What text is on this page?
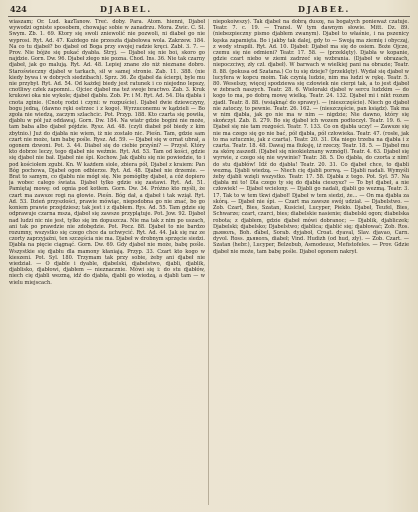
424	DJABEL.	DJABEŁ.

wiaszam; Or. Lud. kazTanow. Treć. doby. Para. Atom. hienni, Djabeł wywodzi ogniste sposobem, chowając sobie w zanadrzu. Mora. Zwic. C. Sl. Swym. Zb. 1. 69. Ktory się swoli zniewolić nie pozwoli, ni diabeł go nie wyprosi. Ryt. Ad. 47. Każdego nie przeszła djabełowa wola. Zakrzew. 184. Na co tu djabeł? bo djabeł od Boga przy swojej radzie kręci. Zabł. 3. 7. — Prov. Nie bójże się pukać dyabła. Stryj. — Djabeł się nie boi, skoro go najdzie. Gorn. Dw. 96. Djabeł złego nie pozna. Chod. Ins. 36. Nie tak czarny djabeł, jak go malują. Ryt. Ad. 48. Lepiej znane zło niż nieznane dobro. Staroświeczny djabeł w tarkach, sił w samej stronie. Zab. 11. 388. (nie kiedy bywa i w dobrych siedzibach). Sprz. 36. Że djabeł da ścierpi, byle mu nie przybył. Ryt. Ad. 54. Od każdej biedy jest ratunek i co niejedno lepszy, cnotliwy człek zapomni... Ojciec djabeł ma też swoje bractwo. Zab. 3. Kruk krukowi oka nie wykole; djabeł djabłu. Zob. Pr. i M. Ryt. Ad. 54. Dla djabła i cnota zginie. (Cnotę rodzi i czyni: w rozpuście). Djabeł dwie dziewczyny, bogu jedną, (dawno ręki ostrzec i z kogo). Wyrzuconemu w kądzieli — Bo zgoła nie wiedzą, zaczym szlachcic. Pot. Przyp. 188. Kto czarta się powiła, djabłu w pół już oddawaj. Gorn. Dw. 184. Na wiatr gdzie bogini nie może, tam baba albo djabeł pójdzie. Rysz. Ad. 48. (czyli diabeł pół biedy z kim zbytnio.) Już do djabła nie wiem, iż nie zostało nic. Pieśn. Tam, gdzie sam czart nie może, tam babę pośle. Rysz. Ad. 59. — Djabeł się w ornat ubrał, a ogonem dzwoni. Pot. 3. 44. Diabeł się do ciebie przyśni? — Przysł. Który kto dobrze leczy, tego djabeł nie weźmie. Ryt. Ad. 53. Tam od kości, gdzie się djabeł nie bał. Djabeł nie śpi. Kochow. Jak djabłu się nie powiedzie, to i pod kościołem zgubi. Kn. W każdem siole, zbiera pół, Djabeł z kraiem: Pan Bóg pochowa, Djabeł ogon odbierze. Ryt. Ad. 48. Djabeł nie drzemie. — Brat to samym, co djabłu nie mógł się. Nie pomógłby djabeł, a cóż dopiero ja wobec całego świata. Djabeł tylko gdzie się zastawi. Ryt. Ad. 51. Pamiętaj mowę: od ognia pod kotłem. Gorn. Dw. 34. Próżno kto myśli, że czart ma zawsze rogi na głowie. Pieśn. Bóg dał, a djabeł i tak wziął. Ryt. Ad. 53. Dzień przyszłości, prawie mówiąc, niepodobna go nie znać, bo go koniem prawie przejdziesz; tak jest i z djabłem. Rys. Ad. 55. Tam gdzie się odprawuje czarna msza, djabeł się zawsze przyplątuje. Pot. Jow. 92. Djabeł nad ludzi nic nie jest, tylko się im dopuszcza. Nie ma tak z nim po uszach, ani tak po prawdzie nie zdobędzie. Pot. Pocz. 88. Djabeł to nie bardzo rozumny, wszystko się czego chce da uchwycić. Ryt. Ad. 44. Jak się raz ze czorty zaprzyjaźni, ten szczęścia nie ma. Djabeł w drobnym sprzęcie siedzi. Djabła na pięcie ciągnąć. Gorn. Dw. 69. Gdy djabeł nie może, babę pośle. Wszystkie się djabłu dla mamony kłaniają. Przyp. 33. Czart kto kogo w kieszeni. Pot. Syl. 180. Trzymam tak przy sobie, żeby ani djabeł nie wiedział. — O djable i dyable, djabelski, djabelstwo, djabli, djablik, djablisko, djabłowi, djabłem — nieznacznie. Mówi się i: do stu djabłów, niech cię djabli wezmą, idź do djabła, djabli go wiedzą, a djabli tam — w wielu miejscach.

niepokoiwszy). Tak djabeł na dobrą duszę, na bogatych ponieważ czatuje. Teatr. 7. c. 19. — Transl. W tym dawnym słowie. Mitt. Dz. 89. (niebezpieczny pismo djabłem zwanym). Djabeł to właśnie, i na pszenicy kęska zapamięta. Bo i jakby tak dalej, gdy to — Swoją ma ziemię i obyczaj, z wody strapili. Ryt. Ad. 10. Djabeł: Djabeł ma się do osiem. Boże Ojcze, czemu się nie odmieni? Teatr. 17. 58. — (przeklęty). Djabła w kopanie, gdzie czart niebo w ziemi zadrzeć się wzbrania. (Djabeł w obrazach, niepoczciwy, zły czł. djabeł). W barwach w wielkiej pani na obrazie; Teatr. 8. 88. (pokusa od Szatana.) Co tu się dzieje? (przeklęty). Wydał się djabeł w lucyfera w kopcu moim. Tak czynią ludzie, nim ma ludzi w rękę. Teatr. 5. 80. Weselszy, więcej spodziewa się człowiek nie cierpi tak, a to jest djabeł w żebrach naszych. Teatr. 28. 6. Wieloraki djabeł w sercu ludzkim — do kogo to ma, po dobrą mowę wielką. Teatr. 24. 132. Djabeł mi i nikt rozum zjadł. Teatr. 8. 88. (wsiąknąć do sprawy). — (nieszczęście). Niech go djabeł nie zatoczy, to pewnie. Teatr. 26. 162. — (nieszczęście, pan ksiądz). Tak ma w nim djabła, jak go nie ma w nim — nigdzie; Nie dawno, który się skończył. Zab. 8. 279. Bo się djabeł ich wozem podtoczył. Teatr. 19. 6. — Djabeł się nie tam rozgości. Teatr. 7. 133. Co on djabła uczy! — Zawsze się nie ma czego się go nie bać, pół djabła, pół człowieka. Teatr. 47. (rosłe, jak to ma sztucznie, jak z czarta). Teatr. 20. 31. Dla niego trzeba na djabła i z czarta. Teatr. 18. 48. Dawaj ma fluksję, iż rzeczy. Teatr. 18. 5. — Djabeł mu za skórę zaszedł. (Djabeł się nieokiełznany wzmógł). Teatr. 4. 63. Djabeł się wyrwie, z czego się nie wywinie? Teatr. 38. 5. Do djabła, do czorta z nim! do stu djabłów! Idź do djabła! Teatr. 20. 31. Co djabeł chce, to djabli wezmą. Djabli wiedzą. — Niech cię djabli porwą. — Djabli nadali. Wymyśli żeby djabli wzięli wszystko. Teatr. 17. 58. Djabła z tego. Pot. Syl. 57. Na djabła mi to! Dla czego ty się do djabła cieszysz? — To był djabeł, a nie człowiek! — Djabeł wcielony. — Djabli go nadali, djabli go wezmą. Teatr. 3. 17. Tak to w tem tkwi djabeł! Djabeł w tem siedzi, że... — On ma djabła za skórą. — Djabeł nie śpi. — Czart ma zawsze swój udział. — Djabelstwo. — Zob. Czart, Bies, Szatan, Kusiciel, Lucyper, Piekło. Djabeł, Teufel, Bies, Schwarze; czart, czarci, bies; diabelskie nasienie; diabelski ogon; diabelska robota; z djabłem, gdzie djabeł mówi dobranoc; — Djablik, djabliczek; Djabelski; djabelsko; Djabelstwo; djablica; djablić się; djabłować; Zob. Ros. дьяволъ, Boh. ďábel, Sorab. dyjaboł, Croat. dyaval, Slav. djavao, Carn. dyvol. Ross. дьяволъ, diabeł; Vind. Hudizh (od hud, zły). — Zob. Czart. — Szatan (hebr.), Lucyper, Belzebub, Asmodeusz, Mefistofeles. — Prov. Gdzie djabeł nie może, tam babę pośle. Djabeł ogonem nakrył.
